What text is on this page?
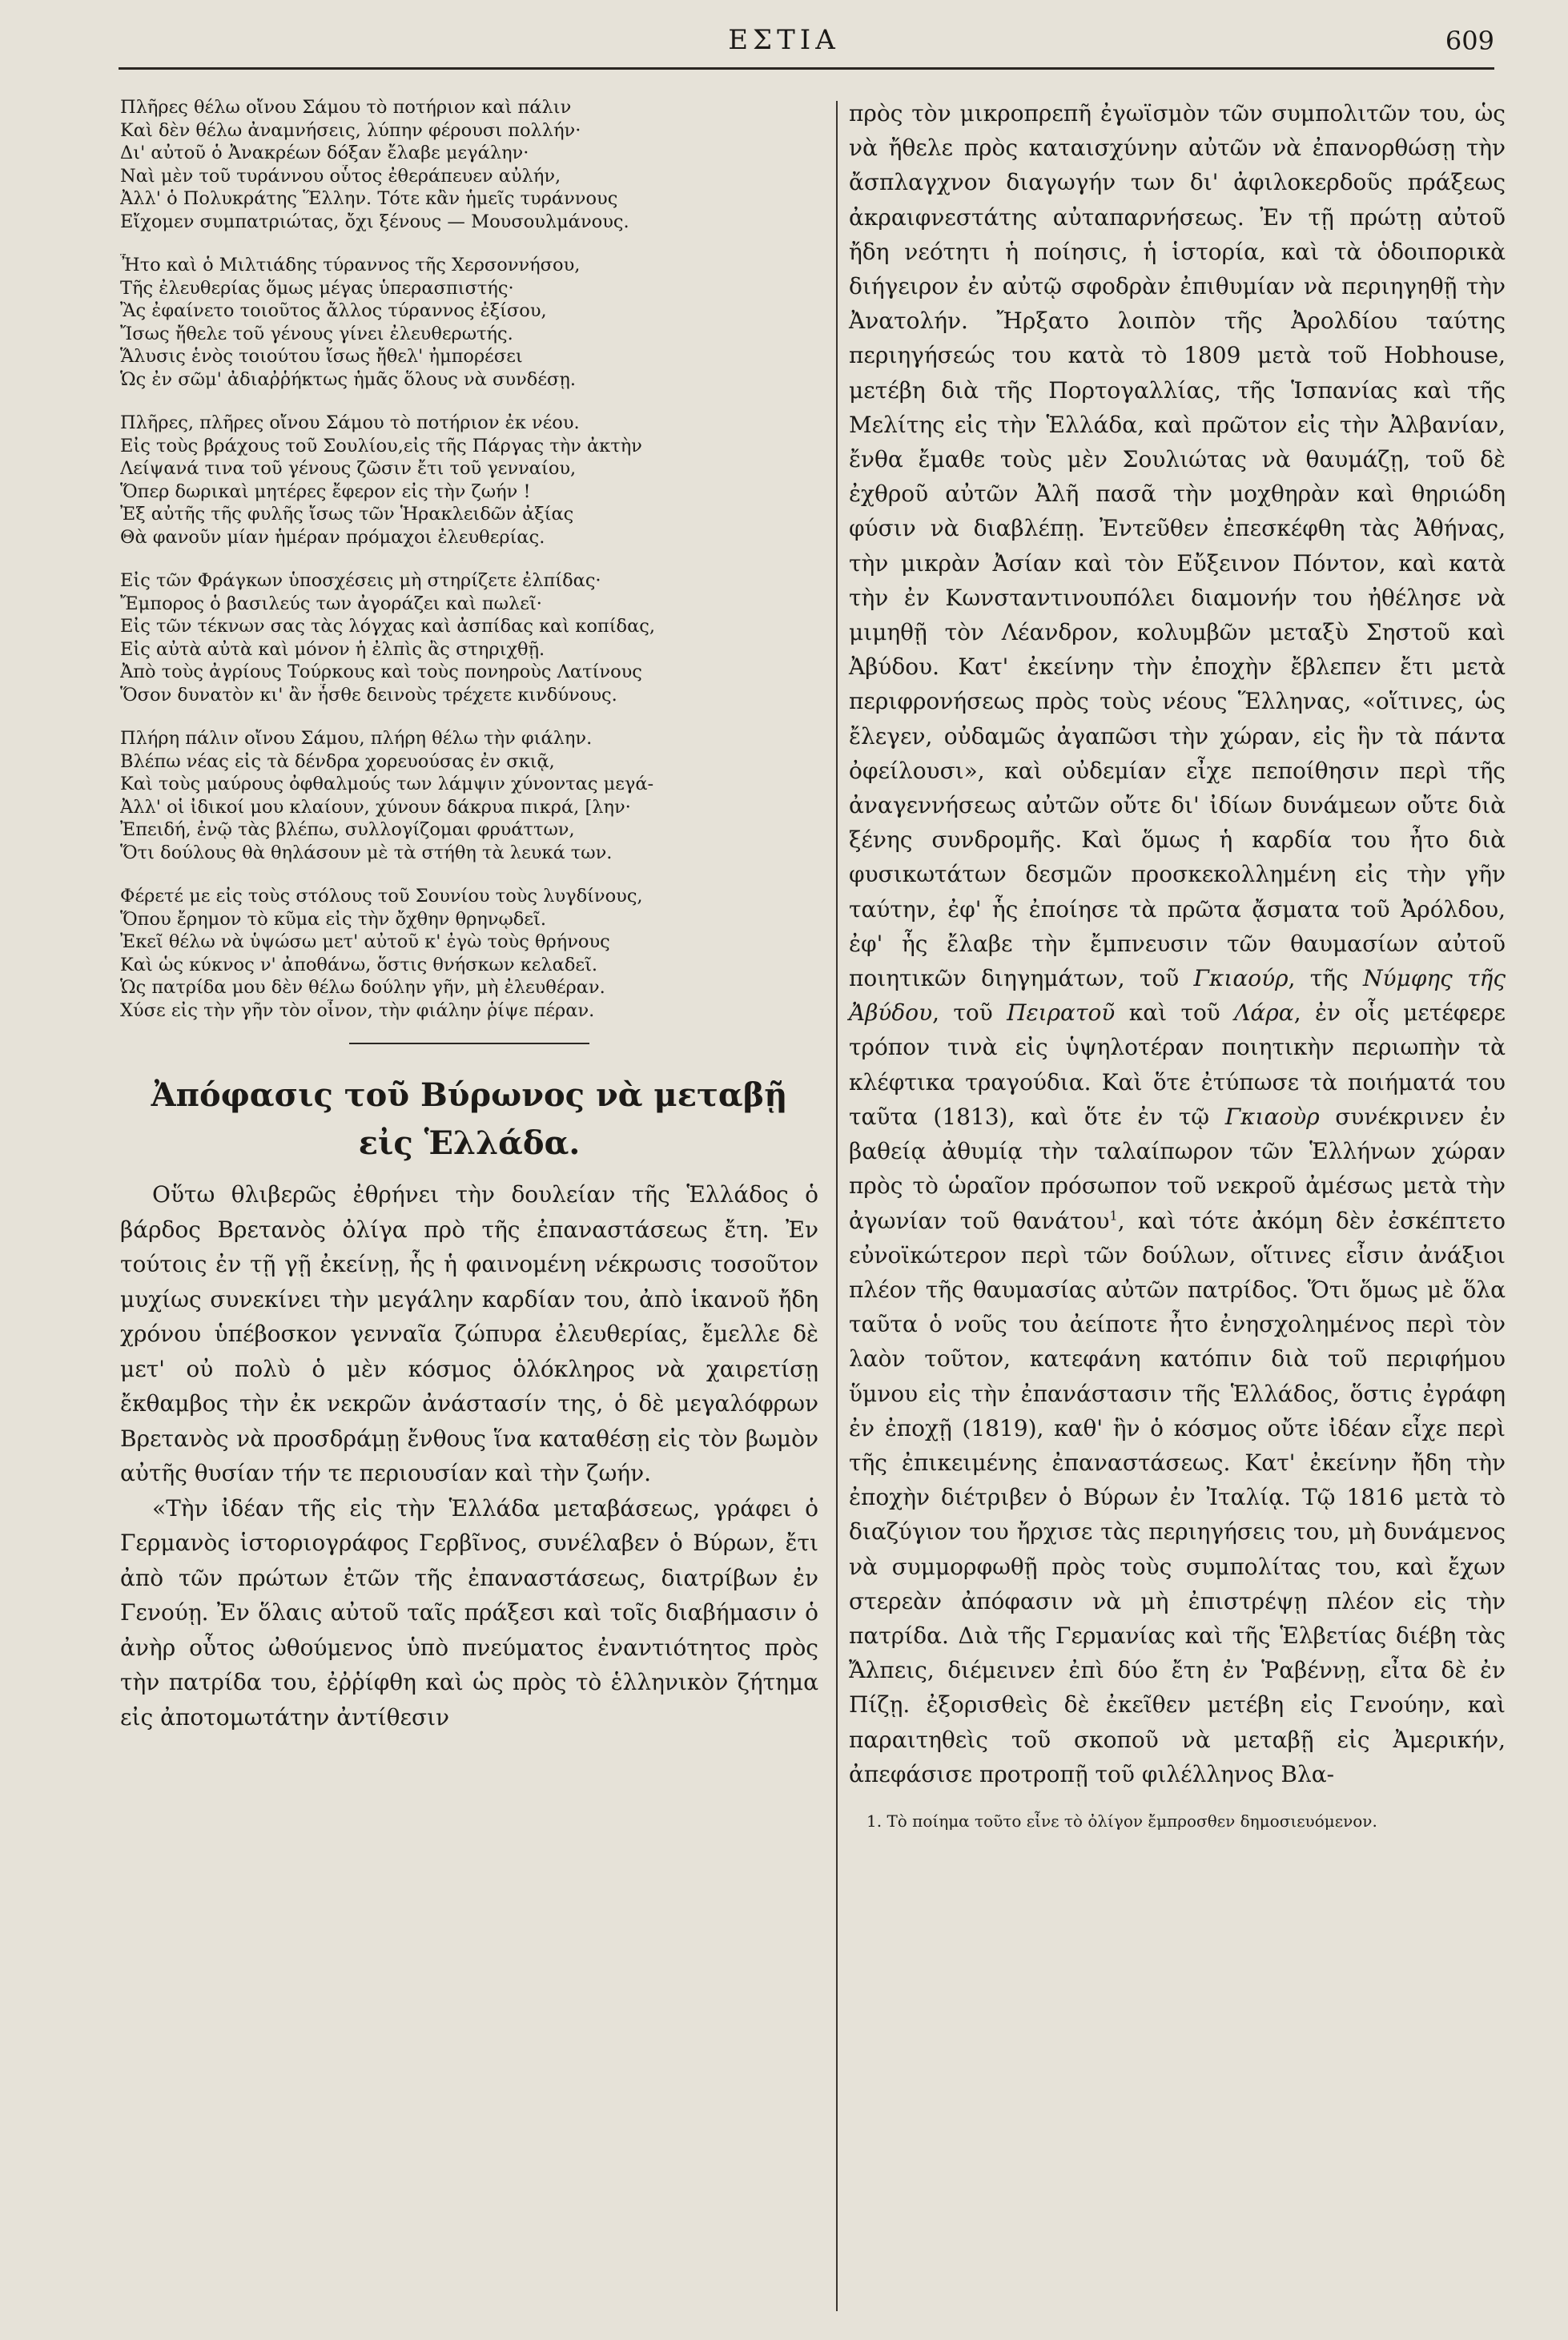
ΕΣΤΙΑ	609
Πλῆρες θέλω οἴνου Σάμου τὸ ποτήριον καὶ πάλιν
Καὶ δὲν θέλω ἀναμνήσεις, λύπην φέρουσι πολλήν·
Δι' αὐτοῦ ὁ Ἀνακρέων δόξαν ἔλαβε μεγάλην·
Ναὶ μὲν τοῦ τυράννου οὗτος ἐθεράπευεν αὐλήν,
Ἀλλ' ὁ Πολυκράτης Ἕλλην. Τότε κἂν ἡμεῖς τυράννους
Εἴχομεν συμπατριώτας, ὄχι ξένους — Μουσουλμάνους.
Ἦτο καὶ ὁ Μιλτιάδης τύραννος τῆς Χερσοννήσου,
Τῆς ἐλευθερίας ὅμως μέγας ὑπερασπιστής·
Ἂς ἐφαίνετο τοιοῦτος ἄλλος τύραννος ἐξίσου,
Ἴσως ἤθελε τοῦ γένους γίνει ἐλευθερωτής.
Ἅλυσις ἑνὸς τοιούτου ἴσως ἤθελ' ἠμπορέσει
Ὡς ἐν σῶμ' ἀδιαῤῥήκτως ἡμᾶς ὅλους νὰ συνδέσῃ.
Πλῆρες, πλῆρες οἴνου Σάμου τὸ ποτήριον ἐκ νέου.
Εἰς τοὺς βράχους τοῦ Σουλίου,εἰς τῆς Πάργας τὴν ἀκτὴν
Λείψανά τινα τοῦ γένους ζῶσιν ἔτι τοῦ γενναίου,
Ὅπερ δωρικαὶ μητέρες ἔφερον εἰς τὴν ζωήν !
Ἐξ αὐτῆς τῆς φυλῆς ἴσως τῶν Ἡρακλειδῶν ἀξίας
Θὰ φανοῦν μίαν ἡμέραν πρόμαχοι ἐλευθερίας.
Εἰς τῶν Φράγκων ὑποσχέσεις μὴ στηρίζετε ἐλπίδας·
Ἔμπορος ὁ βασιλεύς των ἀγοράζει καὶ πωλεῖ·
Εἰς τῶν τέκνων σας τὰς λόγχας καὶ ἀσπίδας καὶ κοπίδας,
Εἰς αὐτὰ αὐτὰ καὶ μόνον ἡ ἐλπὶς ἂς στηριχθῇ.
Ἀπὸ τοὺς ἀγρίους Τούρκους καὶ τοὺς πονηροὺς Λατίνους
Ὅσον δυνατὸν κι' ἂν ἦσθε δεινοὺς τρέχετε κινδύνους.
Πλήρη πάλιν οἴνου Σάμου, πλήρη θέλω τὴν φιάλην.
Βλέπω νέας εἰς τὰ δένδρα χορευούσας ἐν σκιᾷ,
Καὶ τοὺς μαύρους ὀφθαλμούς των λάμψιν χύνοντας μεγά-
Ἀλλ' οἱ ἰδικοί μου κλαίουν, χύνουν δάκρυα πικρά, [λην·
Ἐπειδή, ἐνῷ τὰς βλέπω, συλλογίζομαι φρυάττων,
Ὅτι δούλους θὰ θηλάσουν μὲ τὰ στήθη τὰ λευκά των.
Φέρετέ με εἰς τοὺς στόλους τοῦ Σουνίου τοὺς λυγδίνους,
Ὅπου ἔρημον τὸ κῦμα εἰς τὴν ὄχθην θρηνῳδεῖ.
Ἐκεῖ θέλω νὰ ὑψώσω μετ' αὐτοῦ κ' ἐγὼ τοὺς θρήνους
Καὶ ὡς κύκνος ν' ἀποθάνω, ὅστις θνήσκων κελαδεῖ.
Ὡς πατρίδα μου δὲν θέλω δούλην γῆν, μὴ ἐλευθέραν.
Χύσε εἰς τὴν γῆν τὸν οἶνον, τὴν φιάλην ῥίψε πέραν.
Ἀπόφασις τοῦ Βύρωνος νὰ μεταβῇ
εἰς Ἑλλάδα.

Οὕτω θλιβερῶς ἐθρήνει τὴν δουλείαν τῆς Ἑλλάδος ὁ βάρδος Βρετανὸς ὀλίγα πρὸ τῆς ἐπαναστάσεως ἔτη. Ἐν τούτοις ἐν τῇ γῇ ἐκείνῃ, ἧς ἡ φαινομένη νέκρωσις τοσοῦτον μυχίως συνεκίνει τὴν μεγάλην καρδίαν του, ἀπὸ ἱκανοῦ ἤδη χρόνου ὑπέβοσκον γενναῖα ζώπυρα ἐλευθερίας, ἔμελλε δὲ μετ' οὐ πολὺ ὁ μὲν κόσμος ὁλόκληρος νὰ χαιρετίσῃ ἔκθαμβος τὴν ἐκ νεκρῶν ἀνάστασίν της, ὁ δὲ μεγαλόφρων Βρετανὸς νὰ προσδράμῃ ἔνθους ἵνα καταθέσῃ εἰς τὸν βωμὸν αὐτῆς θυσίαν τήν τε περιουσίαν καὶ τὴν ζωήν.

«Τὴν ἰδέαν τῆς εἰς τὴν Ἑλλάδα μεταβάσεως, γράφει ὁ Γερμανὸς ἱστοριογράφος Γερβῖνος, συνέλαβεν ὁ Βύρων, ἔτι ἀπὸ τῶν πρώτων ἐτῶν τῆς ἐπαναστάσεως, διατρίβων ἐν Γενούῃ. Ἐν ὅλαις αὐτοῦ ταῖς πράξεσι καὶ τοῖς διαβήμασιν ὁ ἀνὴρ οὗτος ὠθούμενος ὑπὸ πνεύματος ἐναντιότητος πρὸς τὴν πατρίδα του, ἐῤῥίφθη καὶ ὡς πρὸς τὸ ἑλληνικὸν ζήτημα εἰς ἀποτομωτάτην ἀντίθεσιν

πρὸς τὸν μικροπρεπῆ ἐγωϊσμὸν τῶν συμπολιτῶν του, ὡς νὰ ἤθελε πρὸς καταισχύνην αὐτῶν νὰ ἐπανορθώσῃ τὴν ἄσπλαγχνον διαγωγήν των δι' ἀφιλοκερδοῦς πράξεως ἀκραιφνεστάτης αὐταπαρνήσεως. Ἐν τῇ πρώτῃ αὐτοῦ ἤδη νεότητι ἡ ποίησις, ἡ ἱστορία, καὶ τὰ ὁδοιπορικὰ διήγειρον ἐν αὐτῷ σφοδρὰν ἐπιθυμίαν νὰ περιηγηθῇ τὴν Ἀνατολήν. Ἤρξατο λοιπὸν τῆς Ἀρολδίου ταύτης περιηγήσεώς του κατὰ τὸ 1809 μετὰ τοῦ Hobhouse, μετέβη διὰ τῆς Πορτογαλλίας, τῆς Ἱσπανίας καὶ τῆς Μελίτης εἰς τὴν Ἑλλάδα, καὶ πρῶτον εἰς τὴν Ἀλβανίαν, ἔνθα ἔμαθε τοὺς μὲν Σουλιώτας νὰ θαυμάζῃ, τοῦ δὲ ἐχθροῦ αὐτῶν Ἀλῆ πασᾶ τὴν μοχθηρὰν καὶ θηριώδη φύσιν νὰ διαβλέπῃ. Ἐντεῦθεν ἐπεσκέφθη τὰς Ἀθήνας, τὴν μικρὰν Ἀσίαν καὶ τὸν Εὔξεινον Πόντον, καὶ κατὰ τὴν ἐν Κωνσταντινουπόλει διαμονήν του ἠθέλησε νὰ μιμηθῇ τὸν Λέανδρον, κολυμβῶν μεταξὺ Σηστοῦ καὶ Ἀβύδου. Κατ' ἐκείνην τὴν ἐποχὴν ἔβλεπεν ἔτι μετὰ περιφρονήσεως πρὸς τοὺς νέους Ἕλληνας, «οἵτινες, ὡς ἔλεγεν, οὐδαμῶς ἀγαπῶσι τὴν χώραν, εἰς ἣν τὰ πάντα ὀφείλουσι», καὶ οὐδεμίαν εἶχε πεποίθησιν περὶ τῆς ἀναγεννήσεως αὐτῶν οὔτε δι' ἰδίων δυνάμεων οὔτε διὰ ξένης συνδρομῆς. Καὶ ὅμως ἡ καρδία του ἦτο διὰ φυσικωτάτων δεσμῶν προσκεκολλημένη εἰς τὴν γῆν ταύτην, ἐφ' ἧς ἐποίησε τὰ πρῶτα ᾄσματα τοῦ Ἀρόλδου, ἐφ' ἧς ἔλαβε τὴν ἔμπνευσιν τῶν θαυμασίων αὐτοῦ ποιητικῶν διηγημάτων, τοῦ Γκιαούρ, τῆς Νύμφης τῆς Ἀβύδου, τοῦ Πειρατοῦ καὶ τοῦ Λάρα, ἐν οἷς μετέφερε τρόπον τινὰ εἰς ὑψηλοτέραν ποιητικὴν περιωπὴν τὰ κλέφτικα τραγούδια. Καὶ ὅτε ἐτύπωσε τὰ ποιήματά του ταῦτα (1813), καὶ ὅτε ἐν τῷ Γκιαοὺρ συνέκρινεν ἐν βαθείᾳ ἀθυμίᾳ τὴν ταλαίπωρον τῶν Ἑλλήνων χώραν πρὸς τὸ ὡραῖον πρόσωπον τοῦ νεκροῦ ἀμέσως μετὰ τὴν ἀγωνίαν τοῦ θανάτου$^1$, καὶ τότε ἀκόμη δὲν ἐσκέπτετο εὐνοϊκώτερον περὶ τῶν δούλων, οἵτινες εἶσιν ἀνάξιοι πλέον τῆς θαυμασίας αὐτῶν πατρίδος. Ὅτι ὅμως μὲ ὅλα ταῦτα ὁ νοῦς του ἀείποτε ἦτο ἐνησχολημένος περὶ τὸν λαὸν τοῦτον, κατεφάνη κατόπιν διὰ τοῦ περιφήμου ὕμνου εἰς τὴν ἐπανάστασιν τῆς Ἑλλάδος, ὅστις ἐγράφη ἐν ἐποχῇ (1819), καθ' ἣν ὁ κόσμος οὔτε ἰδέαν εἶχε περὶ τῆς ἐπικειμένης ἐπαναστάσεως. Κατ' ἐκείνην ἤδη τὴν ἐποχὴν διέτριβεν ὁ Βύρων ἐν Ἰταλίᾳ. Τῷ 1816 μετὰ τὸ διαζύγιον του ἤρχισε τὰς περιηγήσεις του, μὴ δυνάμενος νὰ συμμορφωθῇ πρὸς τοὺς συμπολίτας του, καὶ ἔχων στερεὰν ἀπόφασιν νὰ μὴ ἐπιστρέψῃ πλέον εἰς τὴν πατρίδα. Διὰ τῆς Γερμανίας καὶ τῆς Ἑλβετίας διέβη τὰς Ἄλπεις, διέμεινεν ἐπὶ δύο ἔτη ἐν Ῥαβέννῃ, εἶτα δὲ ἐν Πίζῃ. ἐξορισθεὶς δὲ ἐκεῖθεν μετέβη εἰς Γενούην, καὶ παραιτηθεὶς τοῦ σκοποῦ νὰ μεταβῇ εἰς Ἀμερικήν, ἀπεφάσισε προτροπῇ τοῦ φιλέλληνος Βλα-

1. Τὸ ποίημα τοῦτο εἶνε τὸ ὀλίγον ἔμπροσθεν δημοσιευόμενον.
